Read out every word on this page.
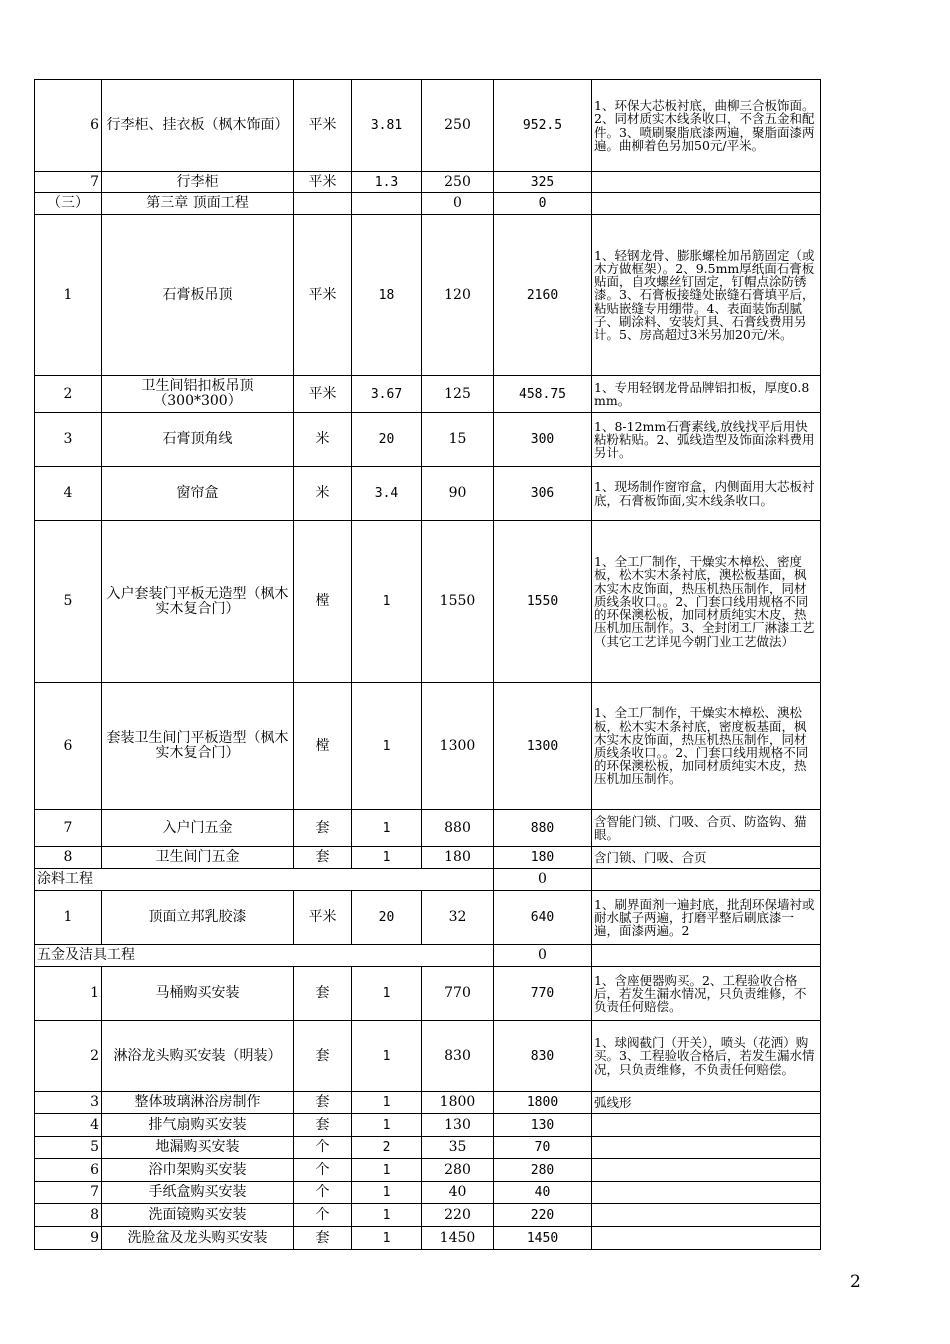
6	行李柜、挂衣板（枫木饰面）	平米	3.81	250	952.5	1、环保大芯板衬底，曲柳三合板饰面。2、同材质实木线条收口，不含五金和配件。3、喷刷聚脂底漆两遍，聚脂面漆两遍。曲柳着色另加50元/平米。
7	行李柜	平米	1.3	250	325	
（三）	第三章 顶面工程			0	0	
1	石膏板吊顶	平米	18	120	2160	1、轻钢龙骨、膨胀螺栓加吊筋固定（或木方做框架）。2、9.5mm厚纸面石膏板贴面，自攻螺丝钉固定，钉帽点涂防锈漆。3、石膏板接缝处嵌缝石膏填平后，粘贴嵌缝专用绷带。4、表面装饰刮腻子、刷涂料、安装灯具、石膏线费用另计。5、房高超过3米另加20元/米。
2	卫生间铝扣板吊顶（300*300）	平米	3.67	125	458.75	1、专用轻钢龙骨品牌铝扣板，厚度0.8mm。
3	石膏顶角线	米	20	15	300	1、8-12mm石膏素线,放线找平后用快粘粉粘贴。2、弧线造型及饰面涂料费用另计。
4	窗帘盒	米	3.4	90	306	1、现场制作窗帘盒，内侧面用大芯板衬底，石膏板饰面,实木线条收口。
5	入户套装门平板无造型（枫木实木复合门）	樘	1	1550	1550	1、全工厂制作，干燥实木樟松、密度板，松木实木条衬底，澳松板基面，枫木实木皮饰面，热压机热压制作，同材质线条收口。。2、门套口线用规格不同的环保澳松板，加同材质纯实木皮，热压机加压制作。3、全封闭工厂淋漆工艺（其它工艺详见今朝门业工艺做法）
6	套装卫生间门平板造型（枫木实木复合门）	樘	1	1300	1300	1、全工厂制作，干燥实木樟松、澳松板，松木实木条衬底，密度板基面，枫木实木皮饰面，热压机热压制作，同材质线条收口。。2、门套口线用规格不同的环保澳松板，加同材质纯实木皮，热压机加压制作。
7	入户门五金	套	1	880	880	含智能门锁、门吸、合页、防盗钩、猫眼。
8	卫生间门五金	套	1	180	180	含门锁、门吸、合页
涂料工程					0	
1	顶面立邦乳胶漆	平米	20	32	640	1、刷界面剂一遍封底，批刮环保墙衬或耐水腻子两遍，打磨平整后刷底漆一遍，面漆两遍。2
五金及洁具工程					0	
1	马桶购买安装	套	1	770	770	1、含座便器购买。2、工程验收合格后，若发生漏水情况，只负责维修，不负责任何赔偿。
2	淋浴龙头购买安装（明装）	套	1	830	830	1、球阀截门（开关），喷头（花洒）购买。3、工程验收合格后，若发生漏水情况，只负责维修，不负责任何赔偿。
3	整体玻璃淋浴房制作	套	1	1800	1800	弧线形
4	排气扇购买安装	套	1	130	130	
5	地漏购买安装	个	2	35	70	
6	浴巾架购买安装	个	1	280	280	
7	手纸盒购买安装	个	1	40	40	
8	洗面镜购买安装	个	1	220	220	
9	洗脸盆及龙头购买安装	套	1	1450	1450	
2
